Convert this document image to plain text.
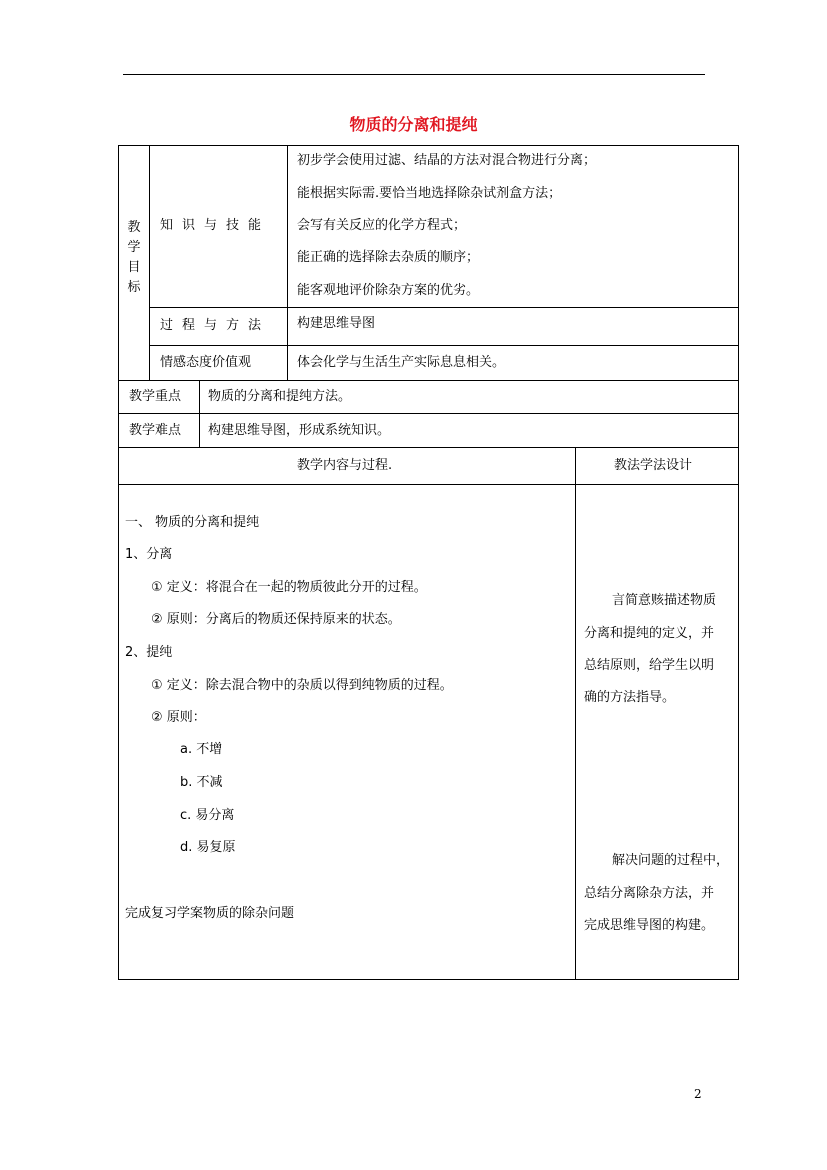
物质的分离和提纯
教
学
目
标
知识与技能
初步学会使用过滤、结晶的方法对混合物进行分离；
能根据实际需.要恰当地选择除杂试剂盒方法；
会写有关反应的化学方程式；
能正确的选择除去杂质的顺序；
能客观地评价除杂方案的优劣。
过程与方法 构建思维导图
情感态度价值观	体会化学与生活生产实际息息相关。
教学重点 物质的分离和提纯方法。
教学难点 构建思维导图，形成系统知识。
教学内容与过程.	教法学法设计
一、 物质的分离和提纯
1、分离
① 定义：将混合在一起的物质彼此分开的过程。
② 原则：分离后的物质还保持原来的状态。
2、提纯
① 定义：除去混合物中的杂质以得到纯物质的过程。
② 原则：
a. 不增
b. 不减
c. 易分离
d. 易复原
完成复习学案物质的除杂问题
言简意赅描述物质
分离和提纯的定义，并
总结原则，给学生以明
确的方法指导。
解决问题的过程中，
总结分离除杂方法，并
完成思维导图的构建。
2
